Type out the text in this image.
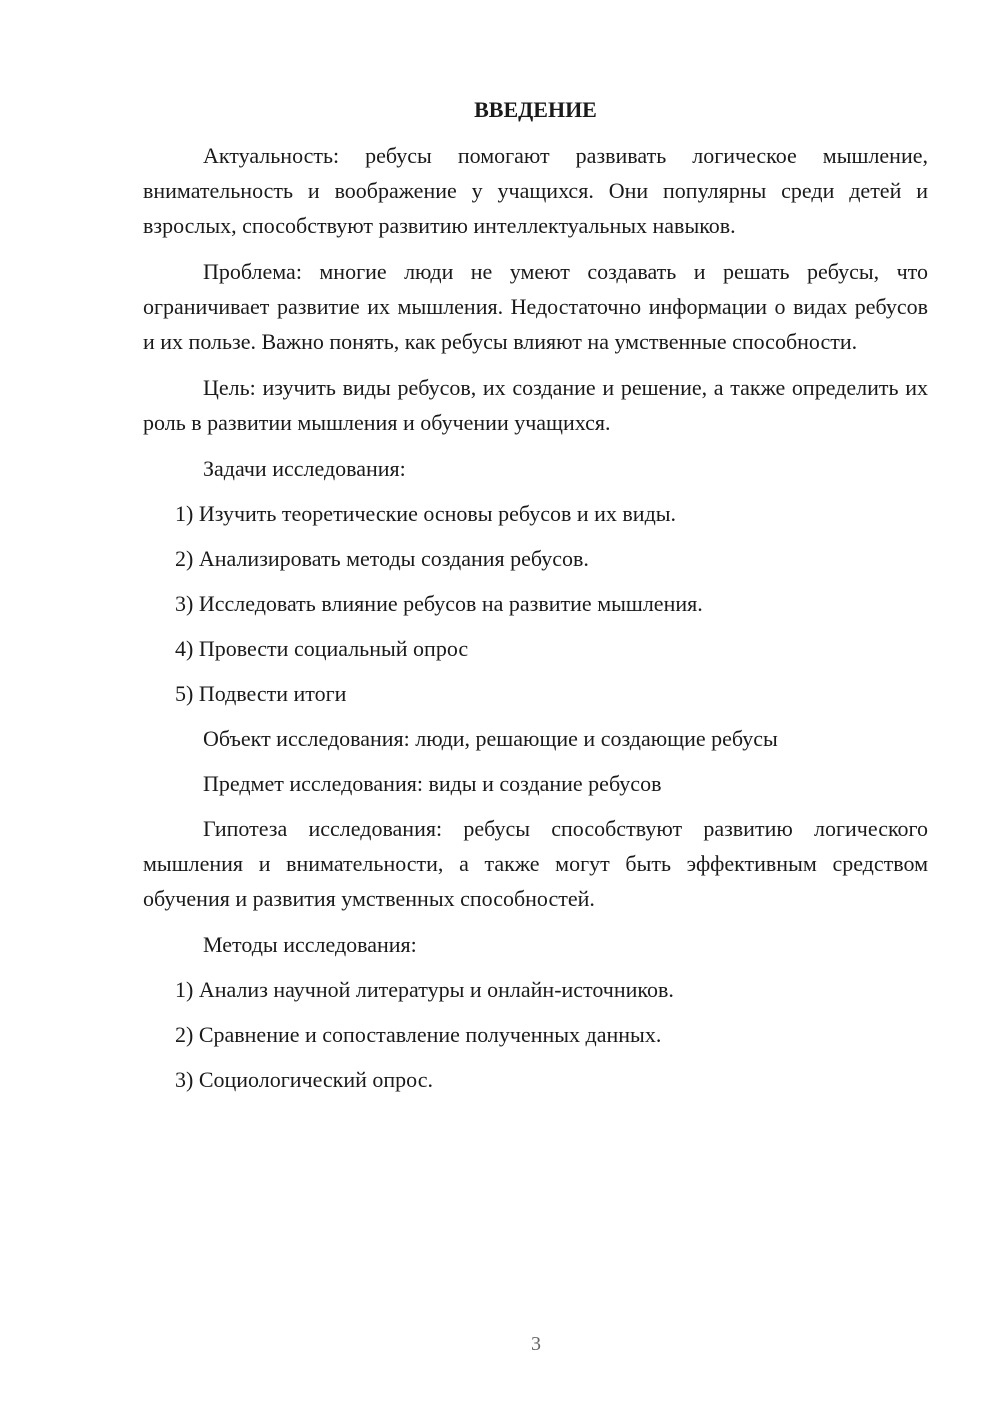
ВВЕДЕНИЕ

Актуальность: ребусы помогают развивать логическое мышление, внимательность и воображение у учащихся. Они популярны среди детей и взрослых, способствуют развитию интеллектуальных навыков.

Проблема: многие люди не умеют создавать и решать ребусы, что ограничивает развитие их мышления. Недостаточно информации о видах ребусов и их пользе. Важно понять, как ребусы влияют на умственные способности.

Цель: изучить виды ребусов, их создание и решение, а также определить их роль в развитии мышления и обучении учащихся.

Задачи исследования:

1) Изучить теоретические основы ребусов и их виды.

2) Анализировать методы создания ребусов.

3) Исследовать влияние ребусов на развитие мышления.

4) Провести социальный опрос

5) Подвести итоги

Объект исследования: люди, решающие и создающие ребусы

Предмет исследования: виды и создание ребусов

Гипотеза исследования: ребусы способствуют развитию логического мышления и внимательности, а также могут быть эффективным средством обучения и развития умственных способностей.

Методы исследования:

1) Анализ научной литературы и онлайн-источников.

2) Сравнение и сопоставление полученных данных.

3) Социологический опрос.

3
